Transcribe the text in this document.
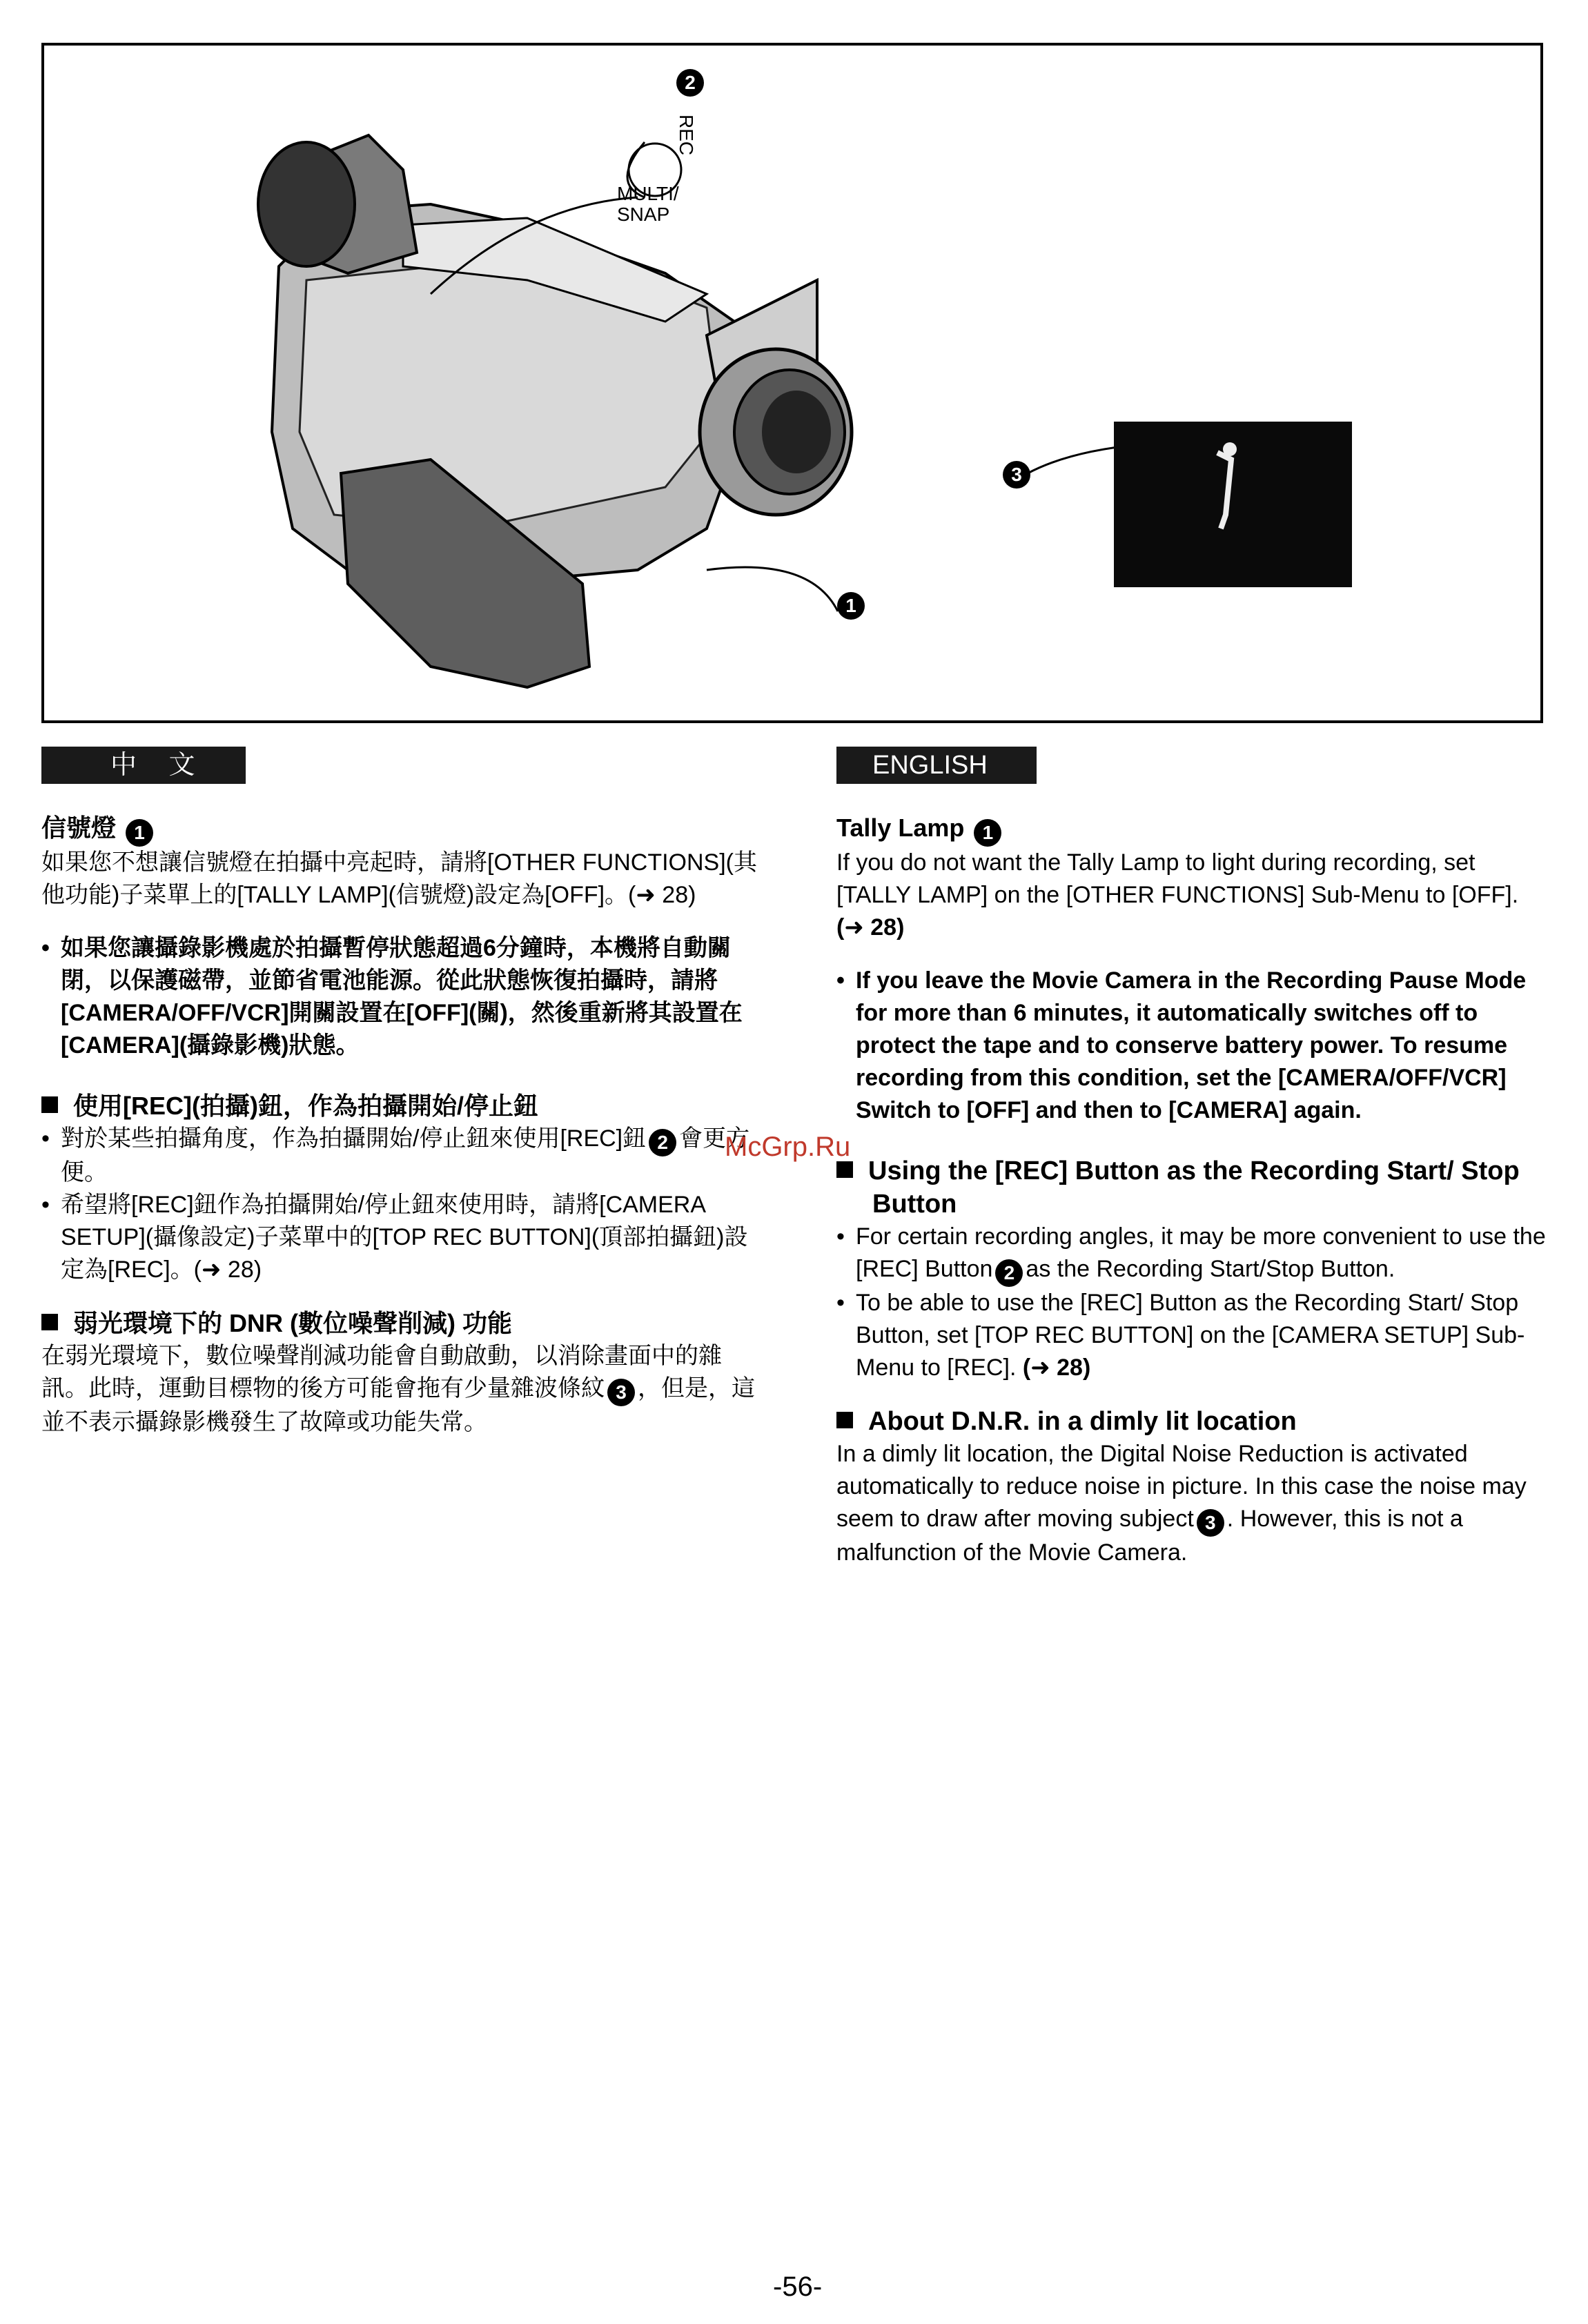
2
REC
MULTI/
SNAP
1
3
中 文
信號燈 1

如果您不想讓信號燈在拍攝中亮起時，請將[OTHER FUNCTIONS](其他功能)子菜單上的[TALLY LAMP](信號燈)設定為[OFF]。(➜ 28)

• 如果您讓攝錄影機處於拍攝暫停狀態超過6分鐘時，本機將自動關閉，以保護磁帶，並節省電池能源。從此狀態恢復拍攝時，請將[CAMERA/OFF/VCR]開關設置在[OFF](關)，然後重新將其設置在[CAMERA](攝錄影機)狀態。
使用[REC](拍攝)鈕，作為拍攝開始/停止鈕
• 對於某些拍攝角度，作為拍攝開始/停止鈕來使用[REC]鈕 2 會更方便。
• 希望將[REC]鈕作為拍攝開始/停止鈕來使用時，請將[CAMERA SETUP](攝像設定)子菜單中的[TOP REC BUTTON](頂部拍攝鈕)設定為[REC]。(➜ 28)
弱光環境下的 DNR (數位噪聲削減) 功能

在弱光環境下，數位噪聲削減功能會自動啟動，以消除畫面中的雜訊。此時，運動目標物的後方可能會拖有少量雜波條紋 3 ，但是，這並不表示攝錄影機發生了故障或功能失常。

ENGLISH
Tally Lamp 1

If you do not want the Tally Lamp to light during recording, set [TALLY LAMP] on the [OTHER FUNCTIONS] Sub-Menu to [OFF]. (➜ 28)

• If you leave the Movie Camera in the Recording Pause Mode for more than 6 minutes, it automatically switches off to protect the tape and to conserve battery power. To resume recording from this condition, set the [CAMERA/OFF/VCR] Switch to [OFF] and then to [CAMERA] again.
Using the [REC] Button as the Recording Start/ Stop Button
• For certain recording angles, it may be more convenient to use the [REC] Button 2 as the Recording Start/Stop Button.
• To be able to use the [REC] Button as the Recording Start/ Stop Button, set [TOP REC BUTTON] on the [CAMERA SETUP] Sub-Menu to [REC]. (➜ 28)
About D.N.R. in a dimly lit location

In a dimly lit location, the Digital Noise Reduction is activated automatically to reduce noise in picture. In this case the noise may seem to draw after moving subject 3 . However, this is not a malfunction of the Movie Camera.

McGrp.Ru
-56-
